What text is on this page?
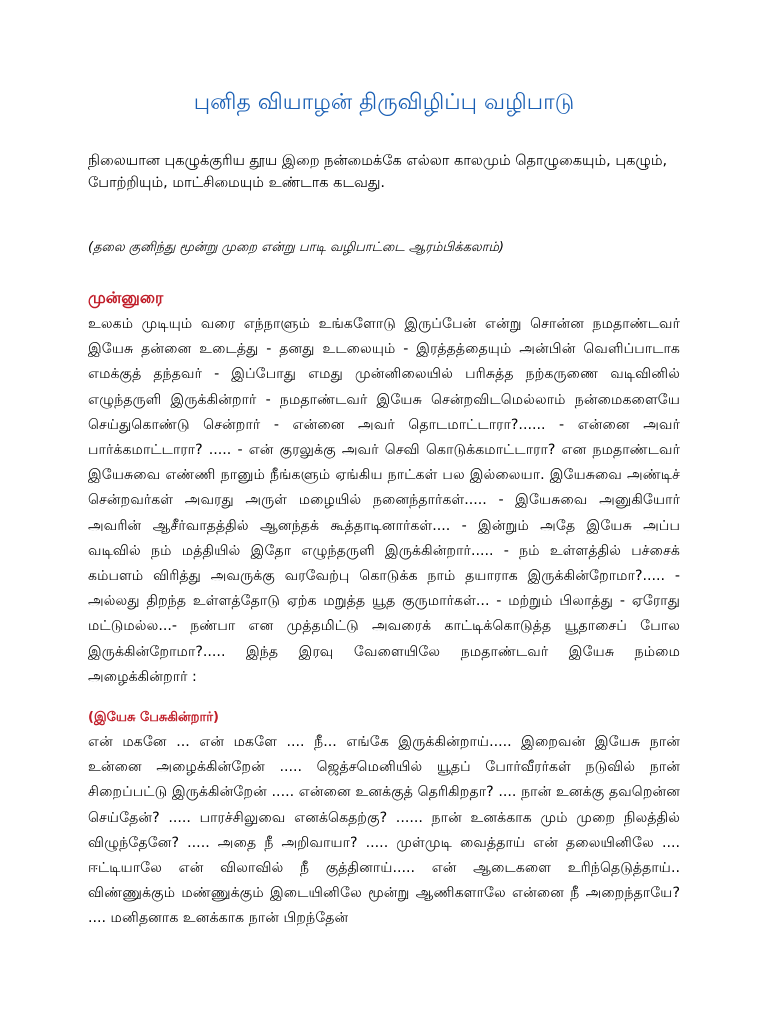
புனித வியாழன் திருவிழிப்பு வழிபாடு

நிலையான புகழுக்குரிய தூய இறை நன்மைக்கே எல்லா காலமும் தொழுகையும், புகழும், போற்றியும், மாட்சிமையும் உண்டாக கடவது.

(தலை குனிந்து மூன்று முறை என்று பாடி வழிபாட்டை ஆரம்பிக்கலாம்)

முன்னுரை

உலகம் முடியும் வரை எந்நாளும் உங்களோடு இருப்பேன் என்று சொன்ன நமதாண்டவர் இயேசு தன்னை உடைத்து - தனது உடலையும் - இரத்தத்தையும் அன்பின் வெளிப்பாடாக எமக்குத் தந்தவர் - இப்போது எமது முன்னிலையில் பரிசுத்த நற்கருணை வடிவினில் எழுந்தருளி இருக்கின்றார் - நமதாண்டவர் இயேசு சென்றவிடமெல்லாம் நன்மைகளையே செய்துகொண்டு சென்றார் - என்னை அவர் தொடமாட்டாரா?...... - என்னை அவர் பார்க்கமாட்டாரா? ..... - என் குரலுக்கு அவர் செவி கொடுக்கமாட்டாரா? என நமதாண்டவர் இயேசுவை எண்ணி நானும் நீங்களும் ஏங்கிய நாட்கள் பல இல்லையா. இயேசுவை அண்டிச் சென்றவர்கள் அவரது அருள் மழையில் நனைந்தார்கள்..... - இயேசுவை அனுகியோர் அவரின் ஆசீர்வாதத்தில் ஆனந்தக் கூத்தாடினார்கள்.... - இன்றும் அதே இயேசு அப்ப வடிவில் நம் மத்தியில் இதோ எழுந்தருளி இருக்கின்றார்..... - நம் உள்ளத்தில் பச்சைக் கம்பளம் விரித்து அவருக்கு வரவேற்பு கொடுக்க நாம் தயாராக இருக்கின்றோமா?..... - அல்லது திறந்த உள்ளத்தோடு ஏற்க மறுத்த யூத குருமார்கள்... - மற்றும் பிலாத்து - ஏரோது மட்டுமல்ல...- நண்பா என முத்தமிட்டு அவரைக் காட்டிக்கொடுத்த யூதாசைப் போல இருக்கின்றோமா?..... இந்த இரவு வேளையிலே நமதாண்டவர் இயேசு நம்மை அழைக்கின்றார் :

(இயேசு பேசுகின்றார்)

என் மகனே ... என் மகளே .... நீ... எங்கே இருக்கின்றாய்..... இறைவன் இயேசு நான் உன்னை அழைக்கின்றேன் ..... ஜெத்சமெனியில் யூதப் போர்வீரர்கள் நடுவில் நான் சிறைப்பட்டு இருக்கின்றேன் ..... என்னை உனக்குத் தெரிகிறதா? .... நான் உனக்கு தவறென்ன செய்தேன்? ..... பாரச்சிலுவை எனக்கெதற்கு? ...... நான் உனக்காக மும் முறை நிலத்தில் விழுந்தேனே? ..... அதை நீ அறிவாயா? ..... முள்முடி வைத்தாய் என் தலையினிலே .... ஈட்டியாலே என் விலாவில் நீ குத்தினாய்..... என் ஆடைகளை உரிந்தெடுத்தாய்.. விண்ணுக்கும் மண்ணுக்கும் இடையினிலே மூன்று ஆணிகளாலே என்னை நீ அறைந்தாயே? .... மனிதனாக உனக்காக நான் பிறந்தேன்
